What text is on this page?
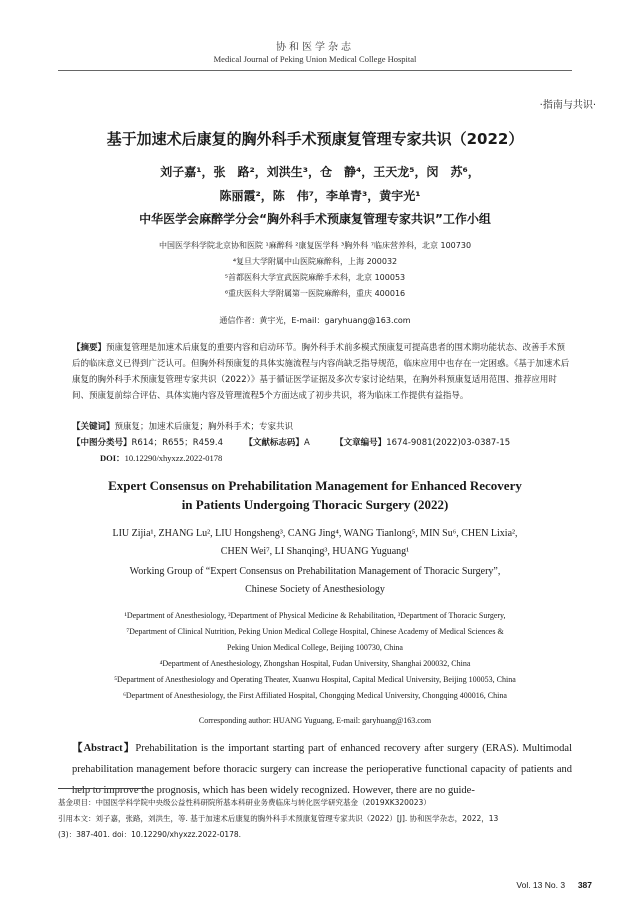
协和医学杂志
Medical Journal of Peking Union Medical College Hospital
·指南与共识·
基于加速术后康复的胸外科手术预康复管理专家共识（2022）
刘子嘉¹，张　路²，刘洪生³，仓　静⁴，王天龙⁵，闵　苏⁶，
陈丽霞²，陈　伟⁷，李单青³，黄宇光¹
中华医学会麻醉学分会“胸外科手术预康复管理专家共识”工作小组
中国医学科学院北京协和医院 ¹麻醉科 ²康复医学科 ³胸外科 ⁷临床营养科，北京 100730
⁴复旦大学附属中山医院麻醉科，上海 200032
⁵首都医科大学宣武医院麻醉手术科，北京 100053
⁶重庆医科大学附属第一医院麻醉科，重庆 400016
通信作者：黄宇光，E-mail：garyhuang@163.com
【摘要】预康复管理是加速术后康复的重要内容和启动环节。胸外科手术前多模式预康复可提高患者的围术期功能状态、改善手术预后的临床意义已得到广泛认可。但胸外科预康复的具体实施流程与内容尚缺乏指导规范，临床应用中也存在一定困惑。《基于加速术后康复的胸外科手术预康复管理专家共识（2022）》基于循证医学证据及多次专家讨论结果，在胸外科预康复适用范围、推荐应用时间、预康复前综合评估、具体实施内容及管理流程5个方面达成了初步共识，将为临床工作提供有益指导。
【关键词】预康复；加速术后康复；胸外科手术；专家共识
【中图分类号】R614；R655；R459.4	【文献标志码】A	【文章编号】1674-9081(2022)03-0387-15
DOI：10.12290/xhyxzz.2022-0178
Expert Consensus on Prehabilitation Management for Enhanced Recovery
in Patients Undergoing Thoracic Surgery (2022)
LIU Zijia¹, ZHANG Lu², LIU Hongsheng³, CANG Jing⁴, WANG Tianlong⁵, MIN Su⁶, CHEN Lixia²,
CHEN Wei⁷, LI Shanqing³, HUANG Yuguang¹
Working Group of “Expert Consensus on Prehabilitation Management of Thoracic Surgery”,
Chinese Society of Anesthesiology
¹Department of Anesthesiology, ²Department of Physical Medicine & Rehabilitation, ³Department of Thoracic Surgery,
⁷Department of Clinical Nutrition, Peking Union Medical College Hospital, Chinese Academy of Medical Sciences &
Peking Union Medical College, Beijing 100730, China
⁴Department of Anesthesiology, Zhongshan Hospital, Fudan University, Shanghai 200032, China
⁵Department of Anesthesiology and Operating Theater, Xuanwu Hospital, Capital Medical University, Beijing 100053, China
⁶Department of Anesthesiology, the First Affiliated Hospital, Chongqing Medical University, Chongqing 400016, China
Corresponding author: HUANG Yuguang, E-mail: garyhuang@163.com
【Abstract】Prehabilitation is the important starting part of enhanced recovery after surgery (ERAS). Multimodal prehabilitation management before thoracic surgery can increase the perioperative functional capacity of patients and help to improve the prognosis, which has been widely recognized. However, there are no guide-
基金项目：中国医学科学院中央级公益性科研院所基本科研业务费临床与转化医学研究基金（2019XK320023）
引用本文：刘子嘉，张路，刘洪生，等. 基于加速术后康复的胸外科手术预康复管理专家共识（2022）[J]. 协和医学杂志，2022，13
(3)：387-401. doi：10.12290/xhyxzz.2022-0178.
Vol. 13 No. 3 387
